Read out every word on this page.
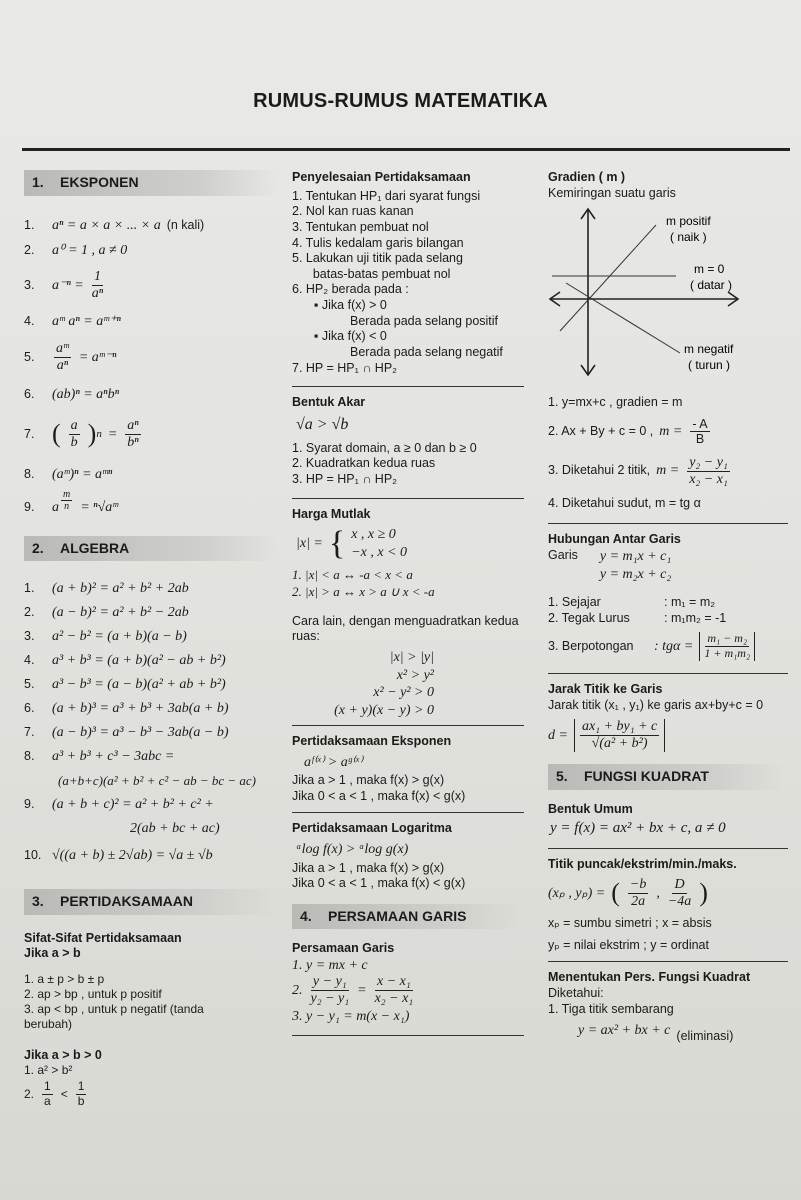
RUMUS-RUMUS MATEMATIKA
1. EKSPONEN
1.	aⁿ = a × a × ... × a (n kali)
2.	a⁰ = 1 , a ≠ 0
3.	$a^{-n} = \frac{1}{\text{aⁿ}}$
4.	aᵐ aⁿ = aᵐ⁺ⁿ
5.	$\frac{\text{aᵐ}}{\text{aⁿ}}$ = aᵐ⁻ⁿ
6.	(ab)ⁿ = aⁿbⁿ
7. ( $\frac{a}{b}$ ) $n = \frac{\text{aⁿ}}{\text{bⁿ}}$
8.	(aᵐ)ⁿ = aᵐⁿ
9.	a $\frac{m}{n}$ = ⁿ√aᵐ
2. ALGEBRA
1.	(a + b)² = a² + b² + 2ab
2.	(a − b)² = a² + b² − 2ab
3.	a² − b² = (a + b)(a − b)
4.	a³ + b³ = (a + b)(a² − ab + b²)
5.	a³ − b³ = (a − b)(a² + ab + b²)
6.	(a + b)³ = a³ + b³ + 3ab(a + b)
7.	(a − b)³ = a³ − b³ − 3ab(a − b)
8.	a³ + b³ + c³ − 3abc =
(a+b+c)(a² + b² + c² − ab − bc − ac)
9.	(a + b + c)² = a² + b² + c² +
2(ab + bc + ac)
10. √((a + b) ± 2√ab) = √a ± √b
3. PERTIDAKSAMAAN
Sifat-Sifat Pertidaksamaan
Jika a > b
1. a ± p > b ± p
2. ap > bp , untuk p positif
3. ap < bp , untuk p negatif (tanda
berubah)
Jika a > b > 0
1. a² > b²
2. $\frac{1}{a} < \frac{1}{b}$
Penyelesaian Pertidaksamaan
1. Tentukan HP₁ dari syarat fungsi
2. Nol kan ruas kanan
3. Tentukan pembuat nol
4. Tulis kedalam garis bilangan
5. Lakukan uji titik pada selang
batas-batas pembuat nol
6. HP₂ berada pada :
▪ Jika f(x) > 0
Berada pada selang positif
▪ Jika f(x) < 0
Berada pada selang negatif
7. HP = HP₁ ∩ HP₂
Bentuk Akar
√a > √b
1. Syarat domain, a ≥ 0 dan b ≥ 0
2. Kuadratkan kedua ruas
3. HP = HP₁ ∩ HP₂
Harga Mutlak
|x| = { x , x ≥ 0
−x , x < 0
1. |x| < a ↔ -a < x < a
2. |x| > a ↔ x > a ∪ x < -a
Cara lain, dengan menguadratkan kedua ruas:
|x| > |y|
x² > y²
x² − y² > 0
(x + y)(x − y) > 0
Pertidaksamaan Eksponen
aᶠ⁽ˣ⁾ > aᵍ⁽ˣ⁾
Jika a > 1 , maka f(x) > g(x)
Jika 0 < a < 1 , maka f(x) < g(x)
Pertidaksamaan Logaritma
ᵃlog f(x) > ᵃlog g(x)
Jika a > 1 , maka f(x) > g(x)
Jika 0 < a < 1 , maka f(x) < g(x)
4. PERSAMAAN GARIS
Persamaan Garis
1. y = mx + c
2. $\frac{\text{y − y₁}}{\text{y₂ − y₁}} = \frac{\text{x − x₁}}{\text{x₂ − x₁}}$
3. y − y₁ = m(x − x₁)
Gradien ( m )
Kemiringan suatu garis
m positif
( naik )
m = 0
( datar )
m negatif
( turun )
1. y=mx+c , gradien = m
2. Ax + By + c = 0 , $m = \frac{- A}{B}$
3. Diketahui 2 titik, $m = \frac{\text{y₂ − y₁}}{\text{x₂ − x₁}}$
4. Diketahui sudut, m = tg α
Hubungan Antar Garis
Garis y = m₁x + c₁
y = m₂x + c₂
1. Sejajar	: m₁ = m₂
2. Tegak Lurus	: m₁m₂ = -1
3. Berpotongan	: $tg\alpha = \frac{\text{m₁ − m₂}}{\text{1 + m₁m₂}}$
Jarak Titik ke Garis
Jarak titik (x₁ , y₁) ke garis ax+by+c = 0
$d = \frac{\text{ax₁ + by₁ + c}}{\text{√(a² + b²)}}$
5. FUNGSI KUADRAT
Bentuk Umum
y = f(x) = ax² + bx + c, a ≠ 0
Titik puncak/ekstrim/min./maks.
(xₚ , yₚ) = ( $\frac{-b}{2a}$ , $\frac{D}{-4a}$ )
xₚ = sumbu simetri ; x = absis
yₚ = nilai ekstrim ; y = ordinat
Menentukan Pers. Fungsi Kuadrat
Diketahui:
1. Tiga titik sembarang
y = ax² + bx + c (eliminasi)
